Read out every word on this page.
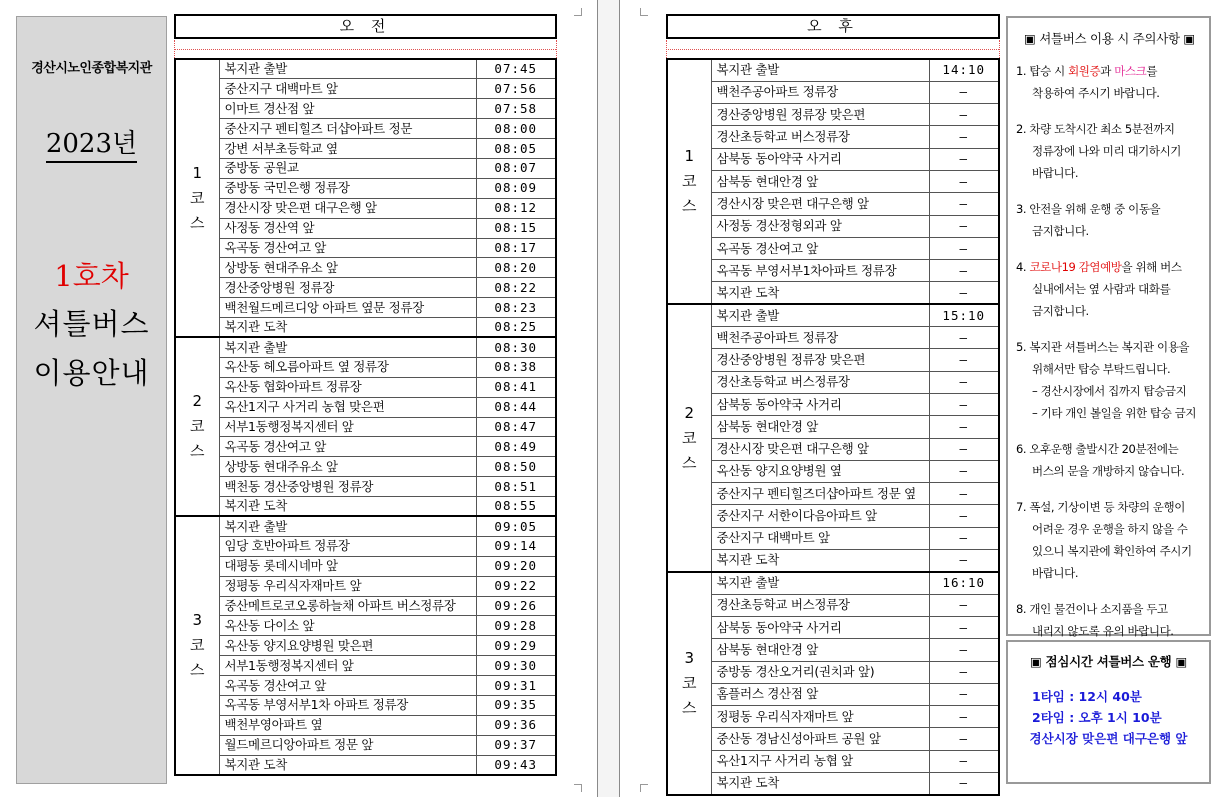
경산시노인종합복지관
2023년
1호차
셔틀버스
이용안내
오 전	오 후
1
코
스	복지관 출발	07:45
	중산지구 대백마트 앞	07:56
	이마트 경산점 앞	07:58
	중산지구 펜티힐즈 더샵아파트 정문	08:00
	강변 서부초등학교 옆	08:05
	중방동 공원교	08:07
	중방동 국민은행 정류장	08:09
	경산시장 맞은편 대구은행 앞	08:12
	사정동 경산역 앞	08:15
	옥곡동 경산여고 앞	08:17
	상방동 현대주유소 앞	08:20
	경산중앙병원 정류장	08:22
	백천월드메르디앙 아파트 옆문 정류장	08:23
	복지관 도착	08:25
2
코
스	복지관 출발	08:30
	옥산동 헤오름아파트 옆 정류장	08:38
	옥산동 협화아파트 정류장	08:41
	옥산1지구 사거리 농협 맞은편	08:44
	서부1동행정복지센터 앞	08:47
	옥곡동 경산여고 앞	08:49
	상방동 현대주유소 앞	08:50
	백천동 경산중앙병원 정류장	08:51
	복지관 도착	08:55
3
코
스	복지관 출발	09:05
	임당 호반아파트 정류장	09:14
	대평동 롯데시네마 앞	09:20
	정평동 우리식자재마트 앞	09:22
	중산메트로코오롱하늘채 아파트 버스정류장	09:26
	옥산동 다이소 앞	09:28
	옥산동 양지요양병원 맞은편	09:29
	서부1동행정복지센터 앞	09:30
	옥곡동 경산여고 앞	09:31
	옥곡동 부영서부1차 아파트 정류장	09:35
	백천부영아파트 옆	09:36
	월드메르디앙아파트 정문 앞	09:37
	복지관 도착	09:43
1
코
스	복지관 출발	14:10
	백천주공아파트 정류장	–
	경산중앙병원 정류장 맞은편	–
	경산초등학교 버스정류장	–
	삼북동 동아약국 사거리	–
	삼북동 현대안경 앞	–
	경산시장 맞은편 대구은행 앞	–
	사정동 경산정형외과 앞	–
	옥곡동 경산여고 앞	–
	옥곡동 부영서부1차아파트 정류장	–
	복지관 도착	–
2
코
스	복지관 출발	15:10
	백천주공아파트 정류장	–
	경산중앙병원 정류장 맞은편	–
	경산초등학교 버스정류장	–
	삼북동 동아약국 사거리	–
	삼북동 현대안경 앞	–
	경산시장 맞은편 대구은행 앞	–
	옥산동 양지요양병원 옆	–
	중산지구 펜티힐즈더샵아파트 정문 옆	–
	중산지구 서한이다음아파트 앞	–
	중산지구 대백마트 앞	–
	복지관 도착	–
3
코
스	복지관 출발	16:10
	경산초등학교 버스정류장	–
	삼북동 동아약국 사거리	–
	삼북동 현대안경 앞	–
	중방동 경산오거리(권치과 앞)	–
	홈플러스 경산점 앞	–
	정평동 우리식자재마트 앞	–
	중산동 경남신성아파트 공원 앞	–
	옥산1지구 사거리 농협 앞	–
	복지관 도착	–
▣ 셔틀버스 이용 시 주의사항 ▣

1. 탑승 시 회원증과 마스크를

착용하여 주시기 바랍니다.

2. 차량 도착시간 최소 5분전까지

정류장에 나와 미리 대기하시기

바랍니다.

3. 안전을 위해 운행 중 이동을

금지합니다.

4. 코로나19 감염예방을 위해 버스

실내에서는 옆 사람과 대화를

금지합니다.

5. 복지관 셔틀버스는 복지관 이용을

위해서만 탑승 부탁드립니다.

– 경산시장에서 집까지 탑승금지

– 기타 개인 볼일을 위한 탑승 금지

6. 오후운행 출발시간 20분전에는

버스의 문을 개방하지 않습니다.

7. 폭설, 기상이변 등 차량의 운행이

어려운 경우 운행을 하지 않을 수

있으니 복지관에 확인하여 주시기

바랍니다.

8. 개인 물건이나 소지품을 두고

내리지 않도록 유의 바랍니다.

▣ 점심시간 셔틀버스 운행 ▣
1타임 : 12시 40분
2타임 : 오후 1시 10분
경산시장 맞은편 대구은행 앞
